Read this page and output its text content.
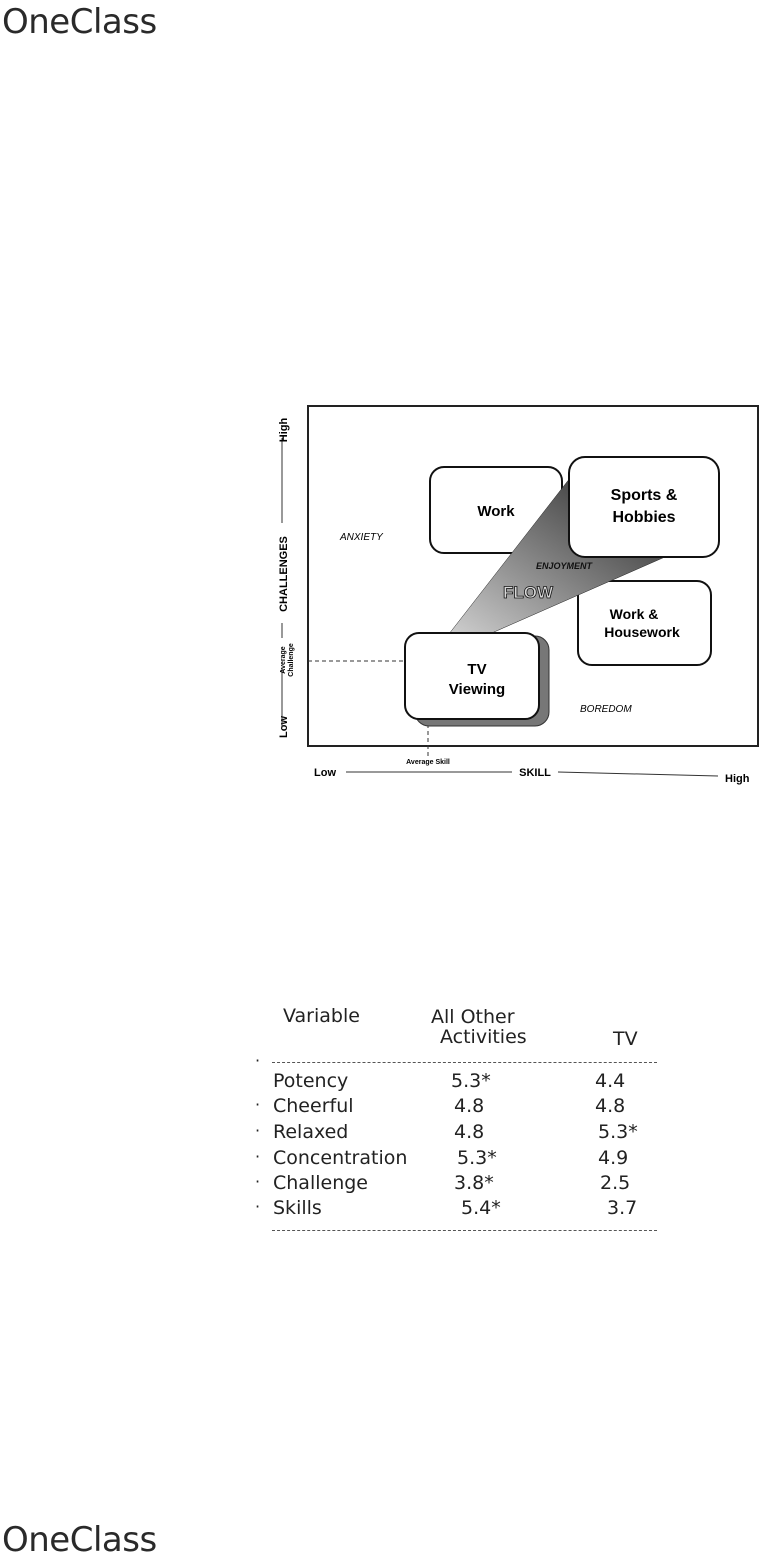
OneClass
Low
Average Challenge
CHALLENGES
High
Low	SKILL	High
Average Skill
Work
Sports &
Hobbies
Work &
Housework
TV
Viewing
ANXIETY
BOREDOM
ENJOYMENT
FLOW
Variable	All Other
Activities	TV
·
Potency	5.3*	4.4
· Cheerful	4.8	4.8
· Relaxed	4.8	5.3*
· Concentration	5.3*	4.9
· Challenge	3.8*	2.5
· Skills	5.4*	3.7
OneClass
